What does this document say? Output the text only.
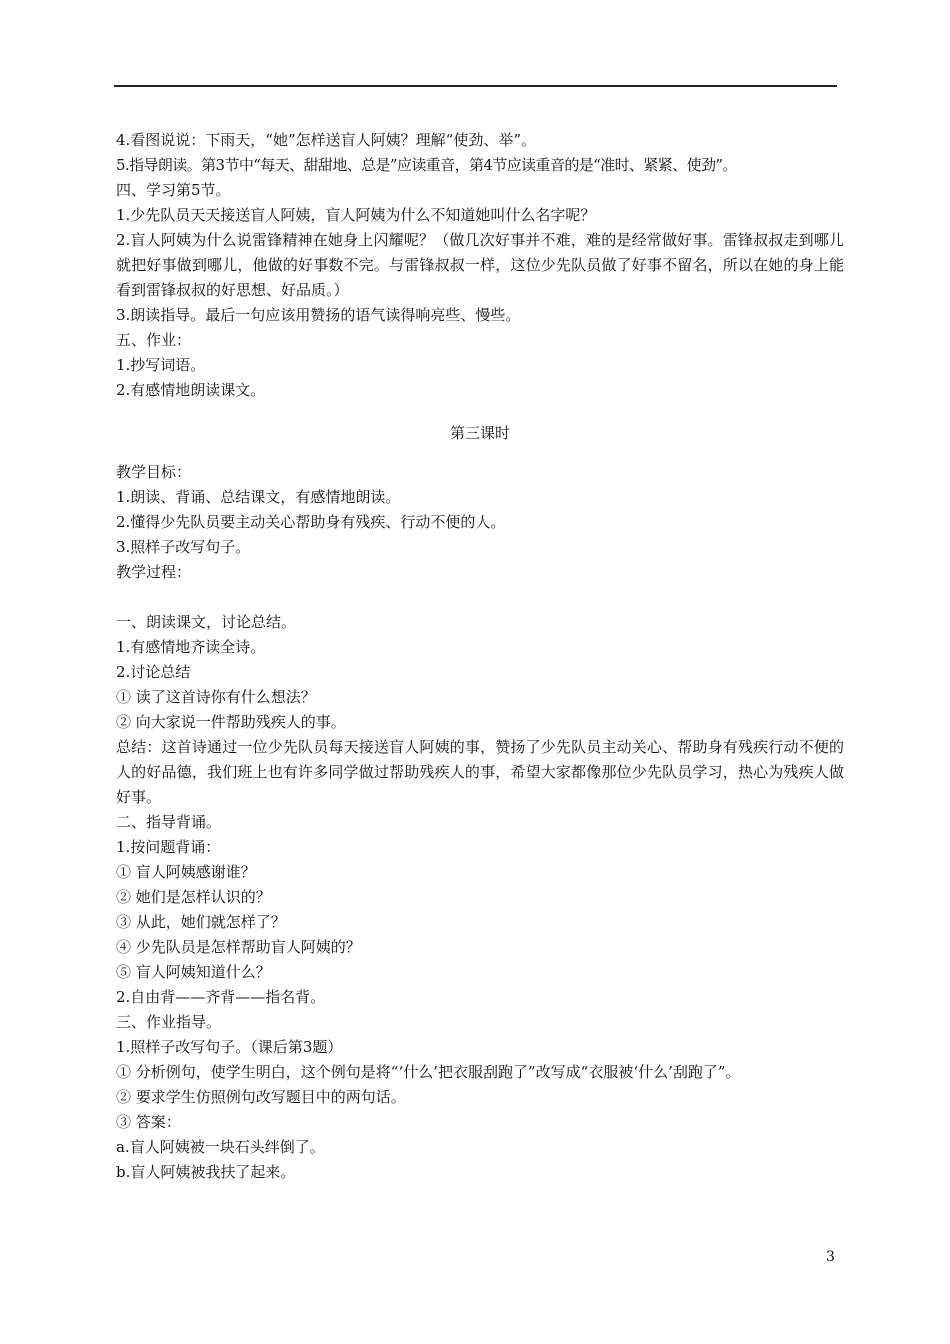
4.看图说说：下雨天，“她”怎样送盲人阿姨？理解“使劲、举”。
5.指导朗读。第3节中“每天、甜甜地、总是”应读重音，第4节应读重音的是“准时、紧紧、使劲”。
四、学习第5节。
1.少先队员天天接送盲人阿姨，盲人阿姨为什么不知道她叫什么名字呢？
2.盲人阿姨为什么说雷锋精神在她身上闪耀呢？（做几次好事并不难，难的是经常做好事。雷锋叔叔走到哪儿就把好事做到哪儿，他做的好事数不完。与雷锋叔叔一样，这位少先队员做了好事不留名，所以在她的身上能看到雷锋叔叔的好思想、好品质。）
3.朗读指导。最后一句应该用赞扬的语气读得响亮些、慢些。
五、作业：
1.抄写词语。
2.有感情地朗读课文。
第三课时
教学目标：
1.朗读、背诵、总结课文，有感情地朗读。
2.懂得少先队员要主动关心帮助身有残疾、行动不便的人。
3.照样子改写句子。
教学过程：
一、朗读课文，讨论总结。
1.有感情地齐读全诗。
2.讨论总结
① 读了这首诗你有什么想法？
② 向大家说一件帮助残疾人的事。
总结：这首诗通过一位少先队员每天接送盲人阿姨的事，赞扬了少先队员主动关心、帮助身有残疾行动不便的人的好品德，我们班上也有许多同学做过帮助残疾人的事，希望大家都像那位少先队员学习，热心为残疾人做好事。
二、指导背诵。
1.按问题背诵：
① 盲人阿姨感谢谁？
② 她们是怎样认识的？
③ 从此，她们就怎样了？
④ 少先队员是怎样帮助盲人阿姨的？
⑤ 盲人阿姨知道什么？
2.自由背——齐背——指名背。
三、作业指导。
1.照样子改写句子。（课后第3题）
① 分析例句，使学生明白，这个例句是将“‘什么’把衣服刮跑了”改写成“衣服被‘什么’刮跑了”。
② 要求学生仿照例句改写题目中的两句话。
③ 答案：
a.盲人阿姨被一块石头绊倒了。
b.盲人阿姨被我扶了起来。
3
